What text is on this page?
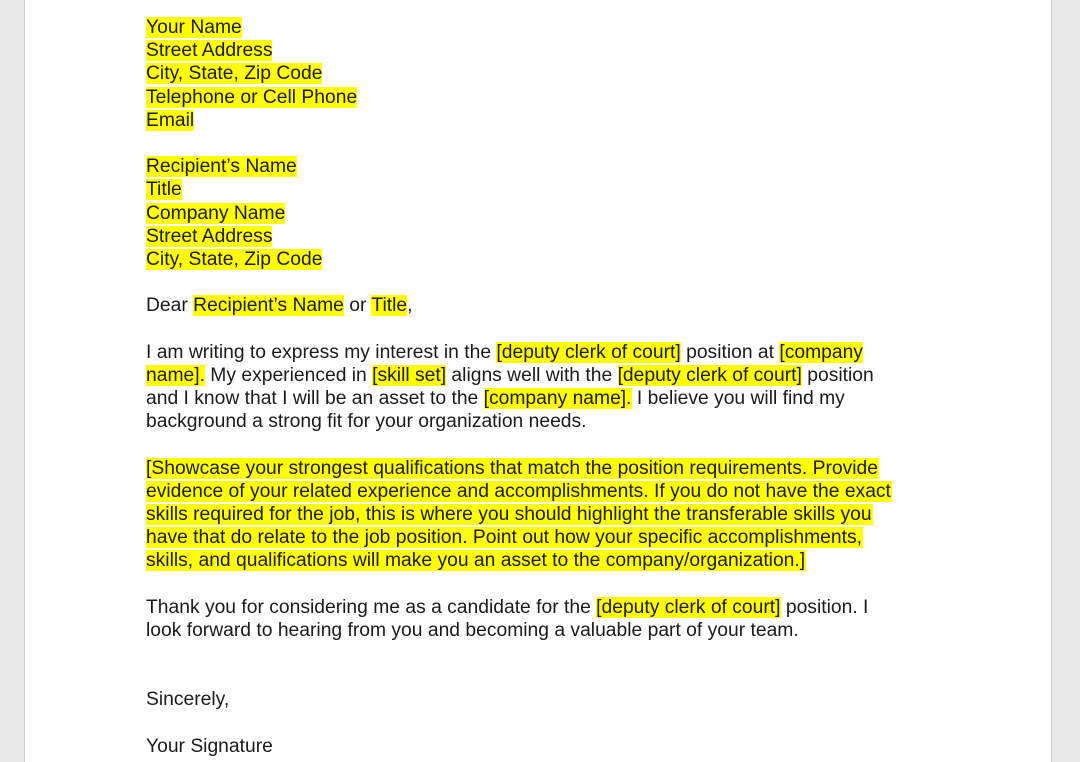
Your Name
Street Address
City, State, Zip Code
Telephone or Cell Phone
Email
Recipient’s Name
Title
Company Name
Street Address
City, State, Zip Code
Dear Recipient’s Name or Title,
I am writing to express my interest in the [deputy clerk of court] position at [company
name]. My experienced in [skill set] aligns well with the [deputy clerk of court] position
and I know that I will be an asset to the [company name]. I believe you will find my
background a strong fit for your organization needs.
[Showcase your strongest qualifications that match the position requirements. Provide
evidence of your related experience and accomplishments. If you do not have the exact
skills required for the job, this is where you should highlight the transferable skills you
have that do relate to the job position. Point out how your specific accomplishments,
skills, and qualifications will make you an asset to the company/organization.]
Thank you for considering me as a candidate for the [deputy clerk of court] position. I
look forward to hearing from you and becoming a valuable part of your team.
Sincerely,
Your Signature
